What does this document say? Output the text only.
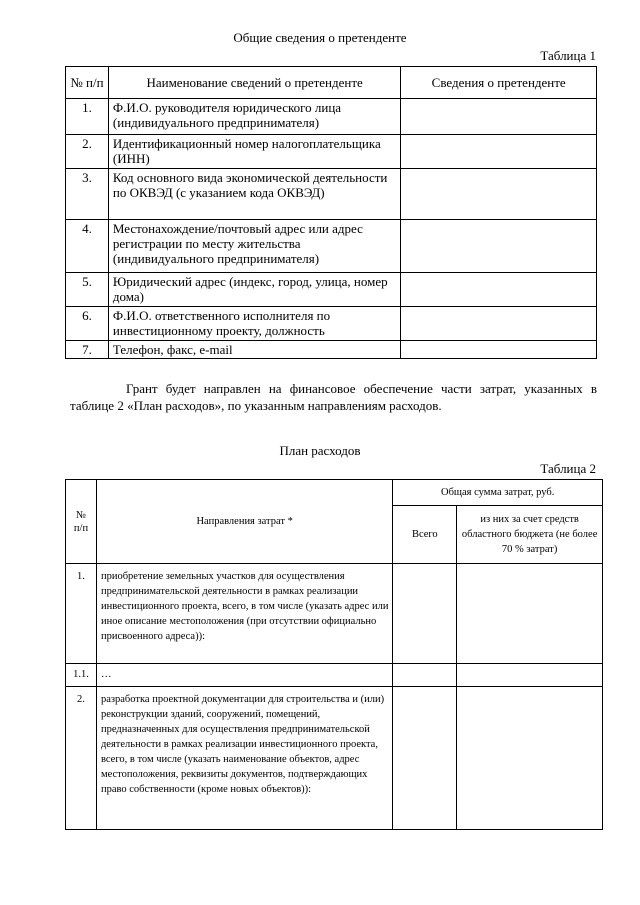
Общие сведения о претенденте
Таблица 1
№ п/п	Наименование сведений о претенденте	Сведения о претенденте
1.	Ф.И.О. руководителя юридического лица (индивидуального предпринимателя)	
2.	Идентификационный номер налогоплательщика (ИНН)	
3.	Код основного вида экономической деятельности по ОКВЭД (с указанием кода ОКВЭД)	
4.	Местонахождение/почтовый адрес или адрес регистрации по месту жительства (индивидуального предпринимателя)	
5.	Юридический адрес (индекс, город, улица, номер дома)	
6.	Ф.И.О. ответственного исполнителя по инвестиционному проекту, должность	
7.	Телефон, факс, e-mail	
Грант будет направлен на финансовое обеспечение части затрат, указанных в таблице 2 «План расходов», по указанным направлениям расходов.
План расходов
Таблица 2
№ п/п	Направления затрат *	Общая сумма затрат, руб.	
		Всего	из них за счет средств областного бюджета (не более 70 % затрат)
1.	приобретение земельных участков для осуществления предпринимательской деятельности в рамках реализации инвестиционного проекта, всего, в том числе (указать адрес или иное описание местоположения (при отсутствии официально присвоенного адреса)):		
1.1.	…		
2.	разработка проектной документации для строительства и (или) реконструкции зданий, сооружений, помещений, предназначенных для осуществления предпринимательской деятельности в рамках реализации инвестиционного проекта, всего, в том числе (указать наименование объектов, адрес местоположения, реквизиты документов, подтверждающих право собственности (кроме новых объектов)):		
